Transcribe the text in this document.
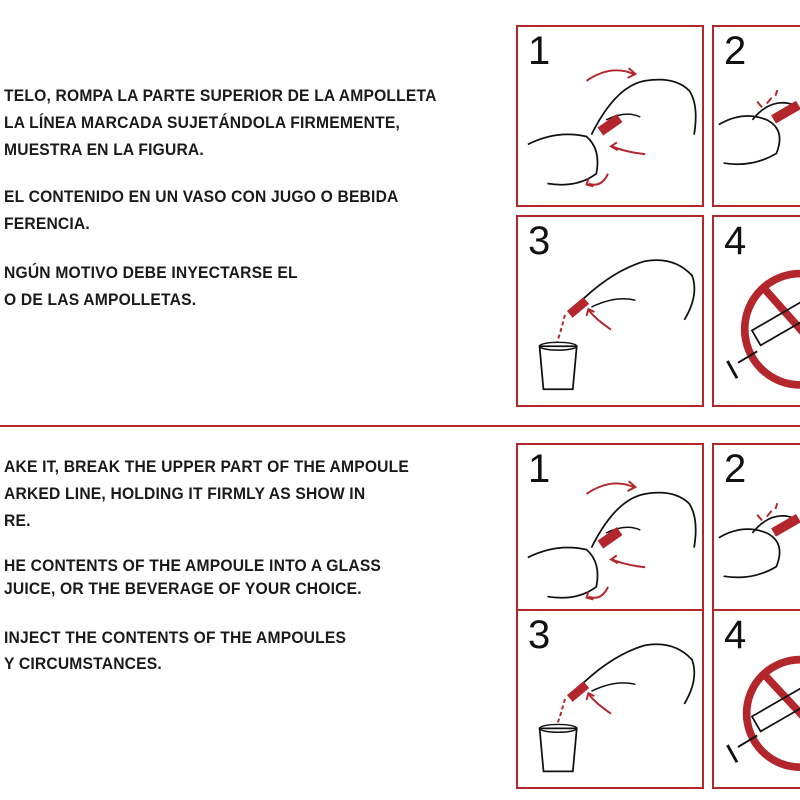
TELO, ROMPA LA PARTE SUPERIOR DE LA AMPOLLETA
LA LÍNEA MARCADA SUJETÁNDOLA FIRMEMENTE,
MUESTRA EN LA FIGURA.
EL CONTENIDO EN UN VASO CON JUGO O BEBIDA
FERENCIA.
NGÚN MOTIVO DEBE INYECTARSE EL
O DE LAS AMPOLLETAS.
1	2
3	4
AKE IT, BREAK THE UPPER PART OF THE AMPOULE
ARKED LINE, HOLDING IT FIRMLY AS SHOW IN
RE.
HE CONTENTS OF THE AMPOULE INTO A GLASS
JUICE, OR THE BEVERAGE OF YOUR CHOICE.
INJECT THE CONTENTS OF THE AMPOULES
Y CIRCUMSTANCES.
1	2
3	4
